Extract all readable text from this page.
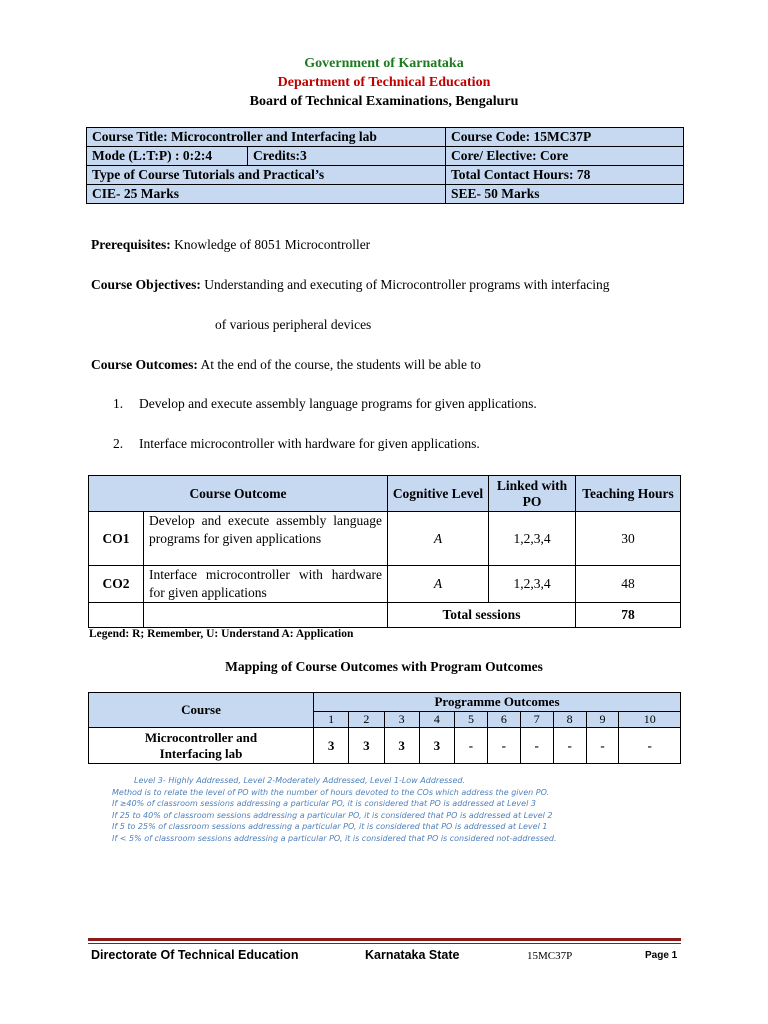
Government of Karnataka
Department of Technical Education
Board of Technical Examinations, Bengaluru
Course Title: Microcontroller and Interfacing lab		Course Code: 15MC37P
Mode (L:T:P) : 0:2:4	Credits:3	Core/ Elective: Core
Type of Course Tutorials and Practical’s		Total Contact Hours: 78
CIE- 25 Marks		SEE- 50 Marks
Prerequisites: Knowledge of 8051 Microcontroller
Course Objectives: Understanding and executing of Microcontroller programs with interfacing
of various peripheral devices
Course Outcomes: At the end of the course, the students will be able to
1. Develop and execute assembly language programs for given applications.
2. Interface microcontroller with hardware for given applications.
Course Outcome		Cognitive Level	Linked with PO	Teaching Hours
CO1	Develop and execute assembly language programs for given applications	A	1,2,3,4	30
CO2	Interface microcontroller with hardware for given applications	A	1,2,3,4	48
		Total sessions		78
Legend: R; Remember, U: Understand A: Application
Mapping of Course Outcomes with Program Outcomes
Course	Programme Outcomes									
	1	2	3	4	5	6	7	8	9	10
Microcontroller and Interfacing lab	3	3	3	3	-	-	-	-	-	-
Level 3- Highly Addressed, Level 2-Moderately Addressed, Level 1-Low Addressed.
Method is to relate the level of PO with the number of hours devoted to the COs which address the given PO.
If ≥40% of classroom sessions addressing a particular PO, it is considered that PO is addressed at Level 3
If 25 to 40% of classroom sessions addressing a particular PO, it is considered that PO is addressed at Level 2
If 5 to 25% of classroom sessions addressing a particular PO, it is considered that PO is addressed at Level 1
If < 5% of classroom sessions addressing a particular PO, it is considered that PO is considered not-addressed.
Directorate Of Technical Education	Karnataka State	15MC37P	Page 1
